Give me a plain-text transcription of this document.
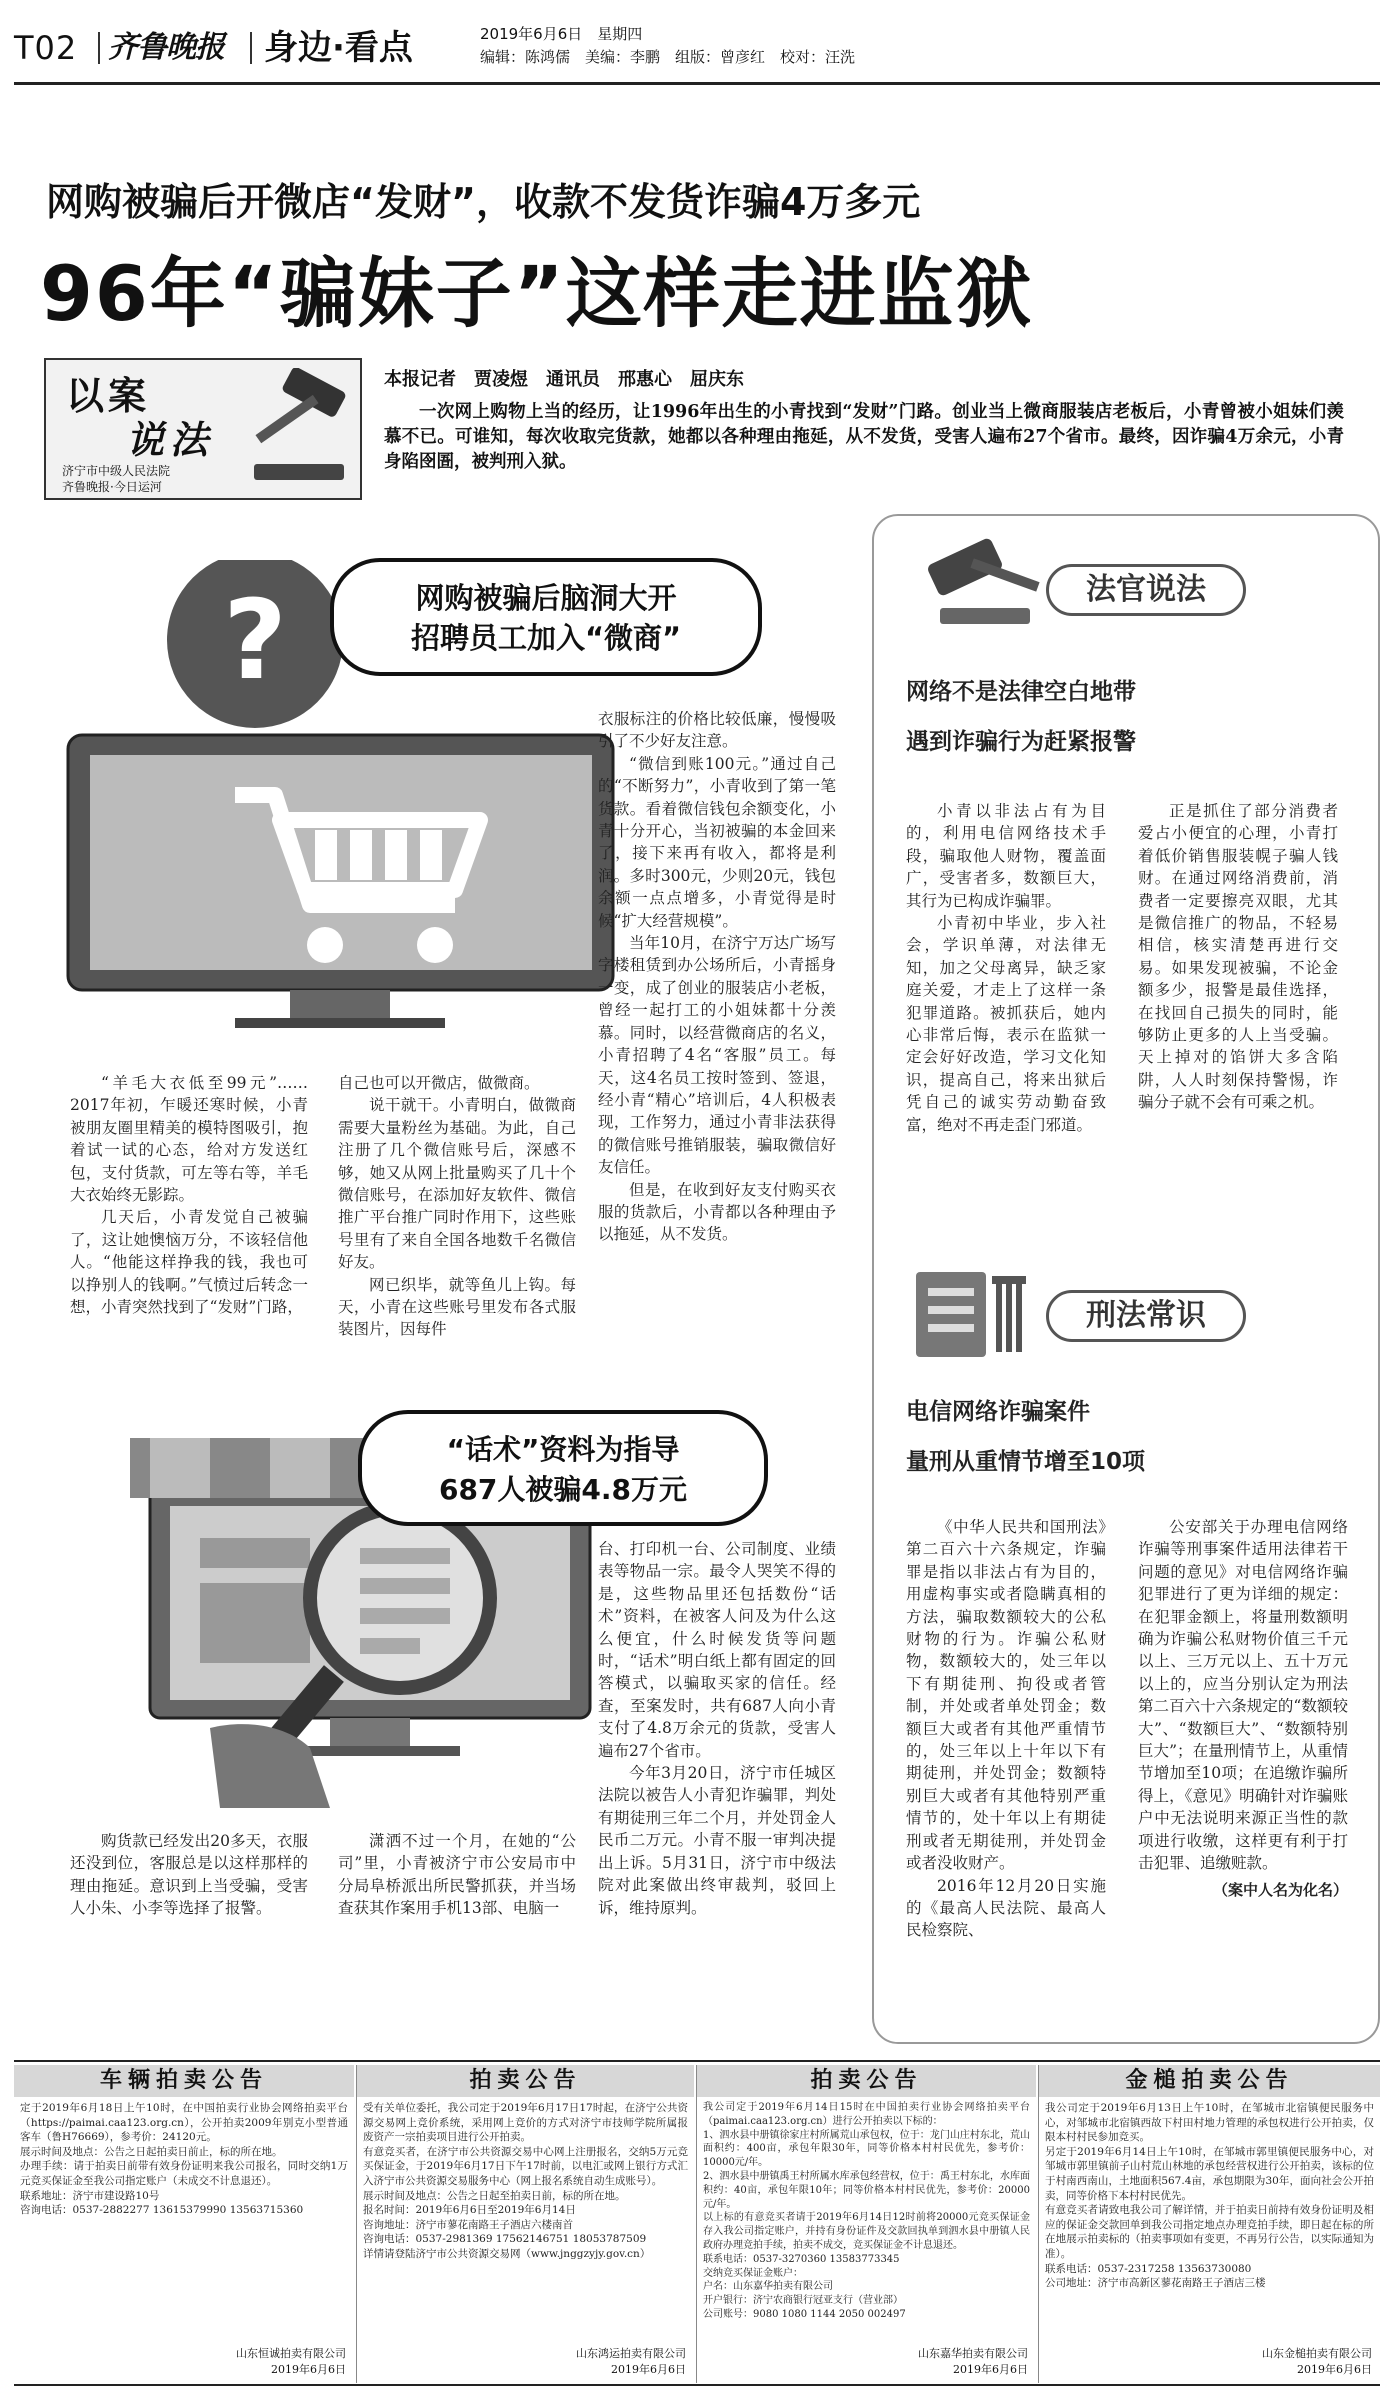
T02 齐鲁晚报 身边·看点	2019年6月6日　星期四
编辑：陈鸿儒　美编：李鹏　组版：曾彦红　校对：汪洗
网购被骗后开微店“发财”，收款不发货诈骗4万多元
96年“骗妹子”这样走进监狱
以案
说法
济宁市中级人民法院
齐鲁晚报·今日运河
本报记者　贾凌煜　通讯员　邢惠心　屈庆东

一次网上购物上当的经历，让1996年出生的小青找到“发财”门路。创业当上微商服装店老板后，小青曾被小姐妹们羡慕不已。可谁知，每次收取完货款，她都以各种理由拖延，从不发货，受害人遍布27个省市。最终，因诈骗4万余元，小青身陷囹圄，被判刑入狱。

?	网购被骗后脑洞大开
招聘员工加入“微商”
衣服标注的价格比较低廉，慢慢吸引了不少好友注意。

“微信到账100元。”通过自己的“不断努力”，小青收到了第一笔货款。看着微信钱包余额变化，小青十分开心，当初被骗的本金回来了，接下来再有收入，都将是利润。多时300元，少则20元，钱包余额一点点增多，小青觉得是时候“扩大经营规模”。

当年10月，在济宁万达广场写字楼租赁到办公场所后，小青摇身一变，成了创业的服装店小老板，曾经一起打工的小姐妹都十分羡慕。同时，以经营微商店的名义，小青招聘了4名“客服”员工。每天，这4名员工按时签到、签退，经小青“精心”培训后，4人积极表现，工作努力，通过小青非法获得的微信账号推销服装，骗取微信好友信任。

但是，在收到好友支付购买衣服的货款后，小青都以各种理由予以拖延，从不发货。

“羊毛大衣低至99元”……2017年初，乍暖还寒时候，小青被朋友圈里精美的模特图吸引，抱着试一试的心态，给对方发送红包，支付货款，可左等右等，羊毛大衣始终无影踪。

几天后，小青发觉自己被骗了，这让她懊恼万分，不该轻信他人。“他能这样挣我的钱，我也可以挣别人的钱啊。”气愤过后转念一想，小青突然找到了“发财”门路，

自己也可以开微店，做微商。

说干就干。小青明白，做微商需要大量粉丝为基础。为此，自己注册了几个微信账号后，深感不够，她又从网上批量购买了几十个微信账号，在添加好友软件、微信推广平台推广同时作用下，这些账号里有了来自全国各地数千名微信好友。

网已织毕，就等鱼儿上钩。每天，小青在这些账号里发布各式服装图片，因每件

“话术”资料为指导
687人被骗4.8万元
台、打印机一台、公司制度、业绩表等物品一宗。最令人哭笑不得的是，这些物品里还包括数份“话术”资料，在被客人问及为什么这么便宜，什么时候发货等问题时，“话术”明白纸上都有固定的回答模式，以骗取买家的信任。经查，至案发时，共有687人向小青支付了4.8万余元的货款，受害人遍布27个省市。

今年3月20日，济宁市任城区法院以被告人小青犯诈骗罪，判处有期徒刑三年二个月，并处罚金人民币二万元。小青不服一审判决提出上诉。5月31日，济宁市中级法院对此案做出终审裁判，驳回上诉，维持原判。

购货款已经发出20多天，衣服还没到位，客服总是以这样那样的理由拖延。意识到上当受骗，受害人小朱、小李等选择了报警。

潇洒不过一个月，在她的“公司”里，小青被济宁市公安局市中分局阜桥派出所民警抓获，并当场查获其作案用手机13部、电脑一

法官说法
网络不是法律空白地带
遇到诈骗行为赶紧报警

小青以非法占有为目的，利用电信网络技术手段，骗取他人财物，覆盖面广，受害者多，数额巨大，其行为已构成诈骗罪。

小青初中毕业，步入社会，学识单薄，对法律无知，加之父母离异，缺乏家庭关爱，才走上了这样一条犯罪道路。被抓获后，她内心非常后悔，表示在监狱一定会好好改造，学习文化知识，提高自己，将来出狱后凭自己的诚实劳动勤奋致富，绝对不再走歪门邪道。

正是抓住了部分消费者爱占小便宜的心理，小青打着低价销售服装幌子骗人钱财。在通过网络消费前，消费者一定要擦亮双眼，尤其是微信推广的物品，不轻易相信，核实清楚再进行交易。如果发现被骗，不论金额多少，报警是最佳选择，在找回自己损失的同时，能够防止更多的人上当受骗。天上掉对的馅饼大多含陷阱，人人时刻保持警惕，诈骗分子就不会有可乘之机。

刑法常识
电信网络诈骗案件
量刑从重情节增至10项

《中华人民共和国刑法》第二百六十六条规定，诈骗罪是指以非法占有为目的，用虚构事实或者隐瞒真相的方法，骗取数额较大的公私财物的行为。诈骗公私财物，数额较大的，处三年以下有期徒刑、拘役或者管制，并处或者单处罚金；数额巨大或者有其他严重情节的，处三年以上十年以下有期徒刑，并处罚金；数额特别巨大或者有其他特别严重情节的，处十年以上有期徒刑或者无期徒刑，并处罚金或者没收财产。

2016年12月20日实施的《最高人民法院、最高人民检察院、

公安部关于办理电信网络诈骗等刑事案件适用法律若干问题的意见》对电信网络诈骗犯罪进行了更为详细的规定：在犯罪金额上，将量刑数额明确为诈骗公私财物价值三千元以上、三万元以上、五十万元以上的，应当分别认定为刑法第二百六十六条规定的“数额较大”、“数额巨大”、“数额特别巨大”；在量刑情节上，从重情节增加至10项；在追缴诈骗所得上，《意见》明确针对诈骗账户中无法说明来源正当性的款项进行收缴，这样更有利于打击犯罪、追缴赃款。

（案中人名为化名）
车辆拍卖公告

定于2019年6月18日上午10时，在中国拍卖行业协会网络拍卖平台（https://paimai.caa123.org.cn），公开拍卖2009年别克小型普通客车（鲁H76669），参考价：24120元。

展示时间及地点：公告之日起拍卖日前止，标的所在地。

办理手续：请于拍卖日前带有效身份证明来我公司报名，同时交纳1万元竞买保证金至我公司指定账户（未成交不计息退还）。

联系地址：济宁市建设路10号

咨询电话：0537-2882277 13615379990 13563715360

山东恒诚拍卖有限公司
2019年6月6日
拍卖公告

受有关单位委托，我公司定于2019年6月17日17时起，在济宁公共资源交易网上竞价系统，采用网上竞价的方式对济宁市技师学院所属报废资产一宗拍卖项目进行公开拍卖。

有意竞买者，在济宁市公共资源交易中心网上注册报名，交纳5万元竞买保证金，于2019年6月17日下午17时前，以电汇或网上银行方式汇入济宁市公共资源交易服务中心（网上报名系统自动生成账号）。

展示时间及地点：公告之日起至拍卖日前，标的所在地。

报名时间：2019年6月6日至2019年6月14日

咨询地址：济宁市蓼花南路王子酒店六楼南首

咨询电话：0537-2981369 17562146751 18053787509

详情请登陆济宁市公共资源交易网（www.jnggzyjy.gov.cn）

山东鸿运拍卖有限公司
2019年6月6日
拍卖公告

我公司定于2019年6月14日15时在中国拍卖行业协会网络拍卖平台（paimai.caa123.org.cn）进行公开拍卖以下标的：

1、泗水县中册镇徐家庄村所属荒山承包权，位于：龙门山庄村东北，荒山面积约：400亩，承包年限30年，同等价格本村村民优先，参考价：10000元/年。

2、泗水县中册镇禹王村所属水库承包经营权，位于：禹王村东北，水库面积约：40亩，承包年限10年；同等价格本村村民优先，参考价：20000元/年。

以上标的有意竞买者请于2019年6月14日12时前将20000元竞买保证金存入我公司指定账户，并持有身份证件及交款回执单到泗水县中册镇人民政府办理竞拍手续，拍卖不成交，竞买保证金不计息退还。

联系电话：0537-3270360 13583773345

交纳竞买保证金账户：

户名：山东嘉华拍卖有限公司

开户银行：济宁农商银行冠亚支行（营业部）

公司账号：9080 1080 1144 2050 002497

山东嘉华拍卖有限公司
2019年6月6日
金槌拍卖公告

我公司定于2019年6月13日上午10时，在邹城市北宿镇便民服务中心，对邹城市北宿镇西故下村田村地力管理的承包权进行公开拍卖，仅限本村村民参加竞买。

另定于2019年6月14日上午10时，在邹城市郭里镇便民服务中心，对邹城市郭里镇前子山村荒山林地的承包经营权进行公开拍卖，该标的位于村南西南山，土地面积567.4亩，承包期限为30年，面向社会公开拍卖，同等价格下本村村民优先。

有意竞买者请致电我公司了解详情，并于拍卖日前持有效身份证明及相应的保证金交款回单到我公司指定地点办理竞拍手续，即日起在标的所在地展示拍卖标的（拍卖事项如有变更，不再另行公告，以实际通知为准）。

联系电话：0537-2317258 13563730080

公司地址：济宁市高新区蓼花南路王子酒店三楼

山东金槌拍卖有限公司
2019年6月6日
